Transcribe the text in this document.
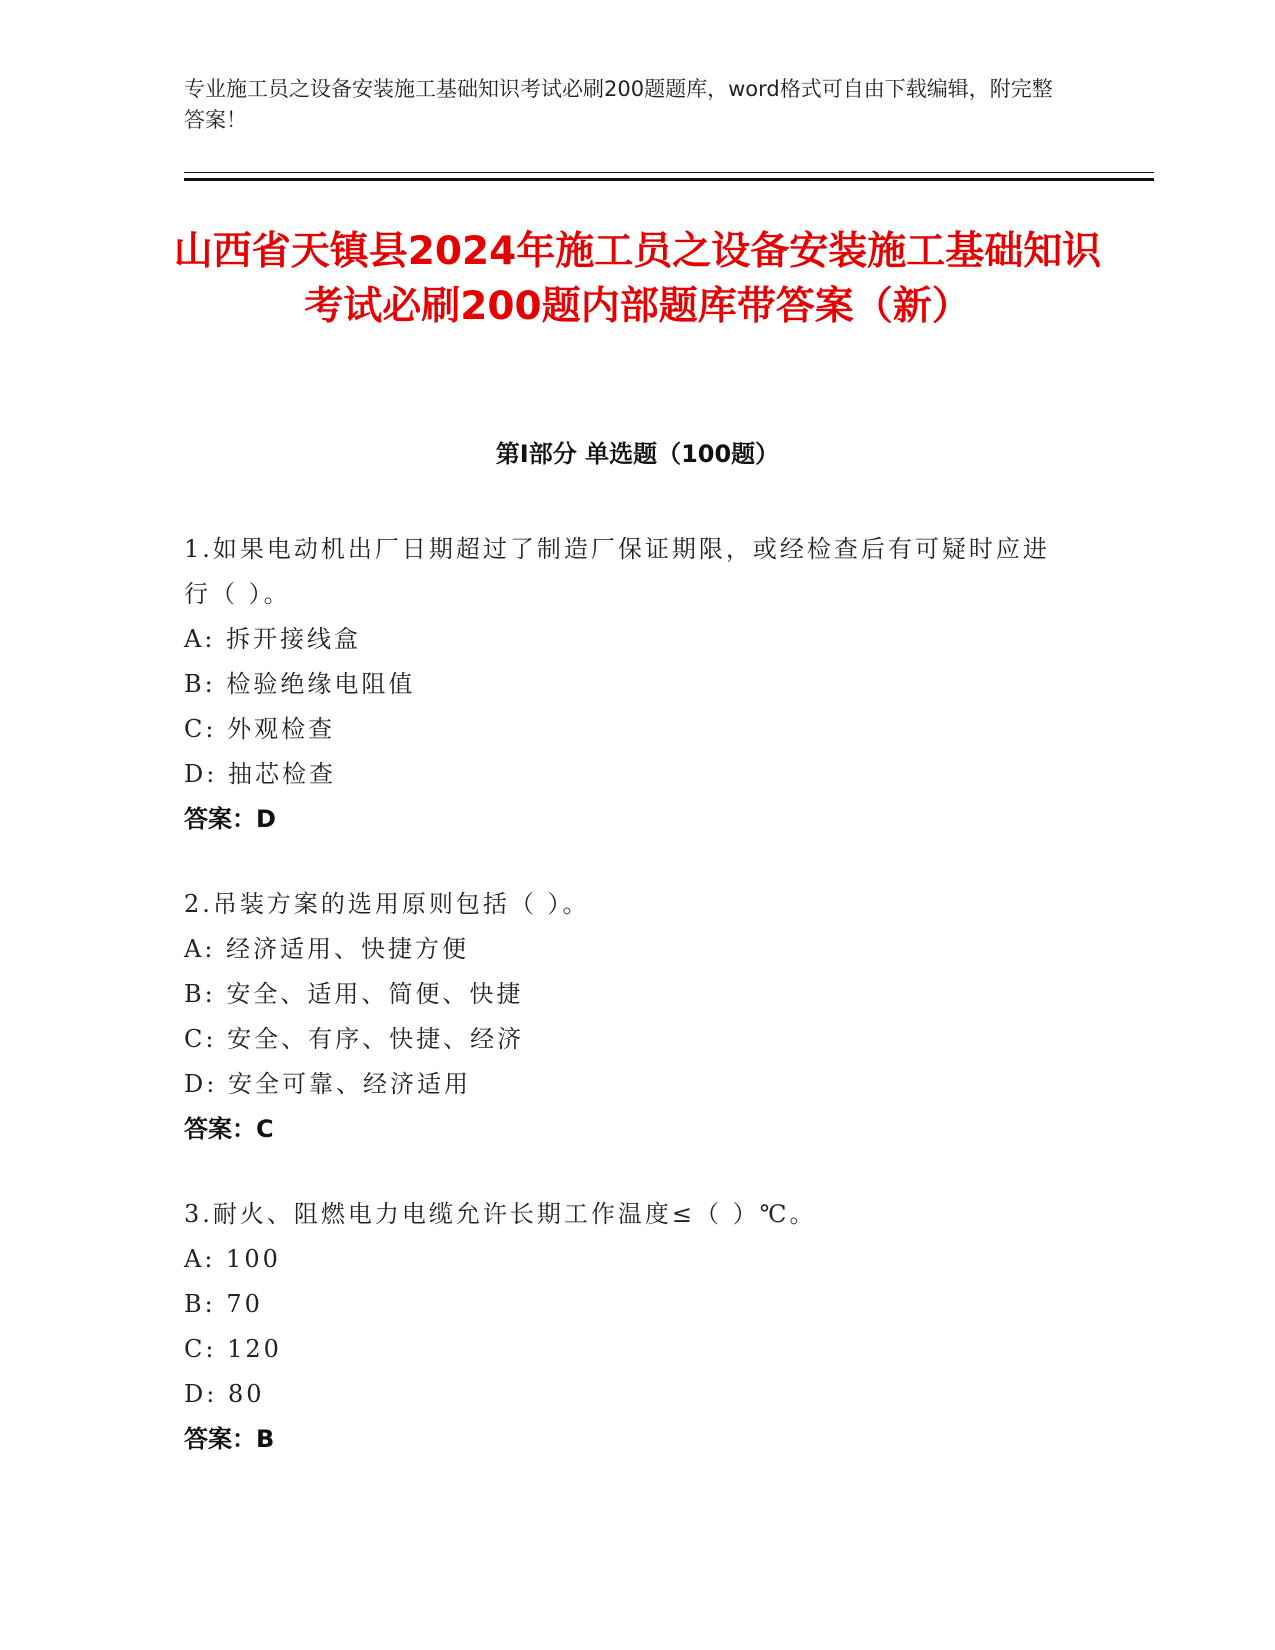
专业施工员之设备安装施工基础知识考试必刷200题题库，word格式可自由下载编辑，附完整答案！
山西省天镇县2024年施工员之设备安装施工基础知识考试必刷200题内部题库带答案（新）
第Ⅰ部分 单选题（100题）
1.如果电动机出厂日期超过了制造厂保证期限，或经检查后有可疑时应进行（ ）。
A: 拆开接线盒
B: 检验绝缘电阻值
C: 外观检查
D: 抽芯检查
答案：D
2.吊装方案的选用原则包括（ ）。
A: 经济适用、快捷方便
B: 安全、适用、简便、快捷
C: 安全、有序、快捷、经济
D: 安全可靠、经济适用
答案：C
3.耐火、阻燃电力电缆允许长期工作温度≤（ ）℃。
A: 100
B: 70
C: 120
D: 80
答案：B
